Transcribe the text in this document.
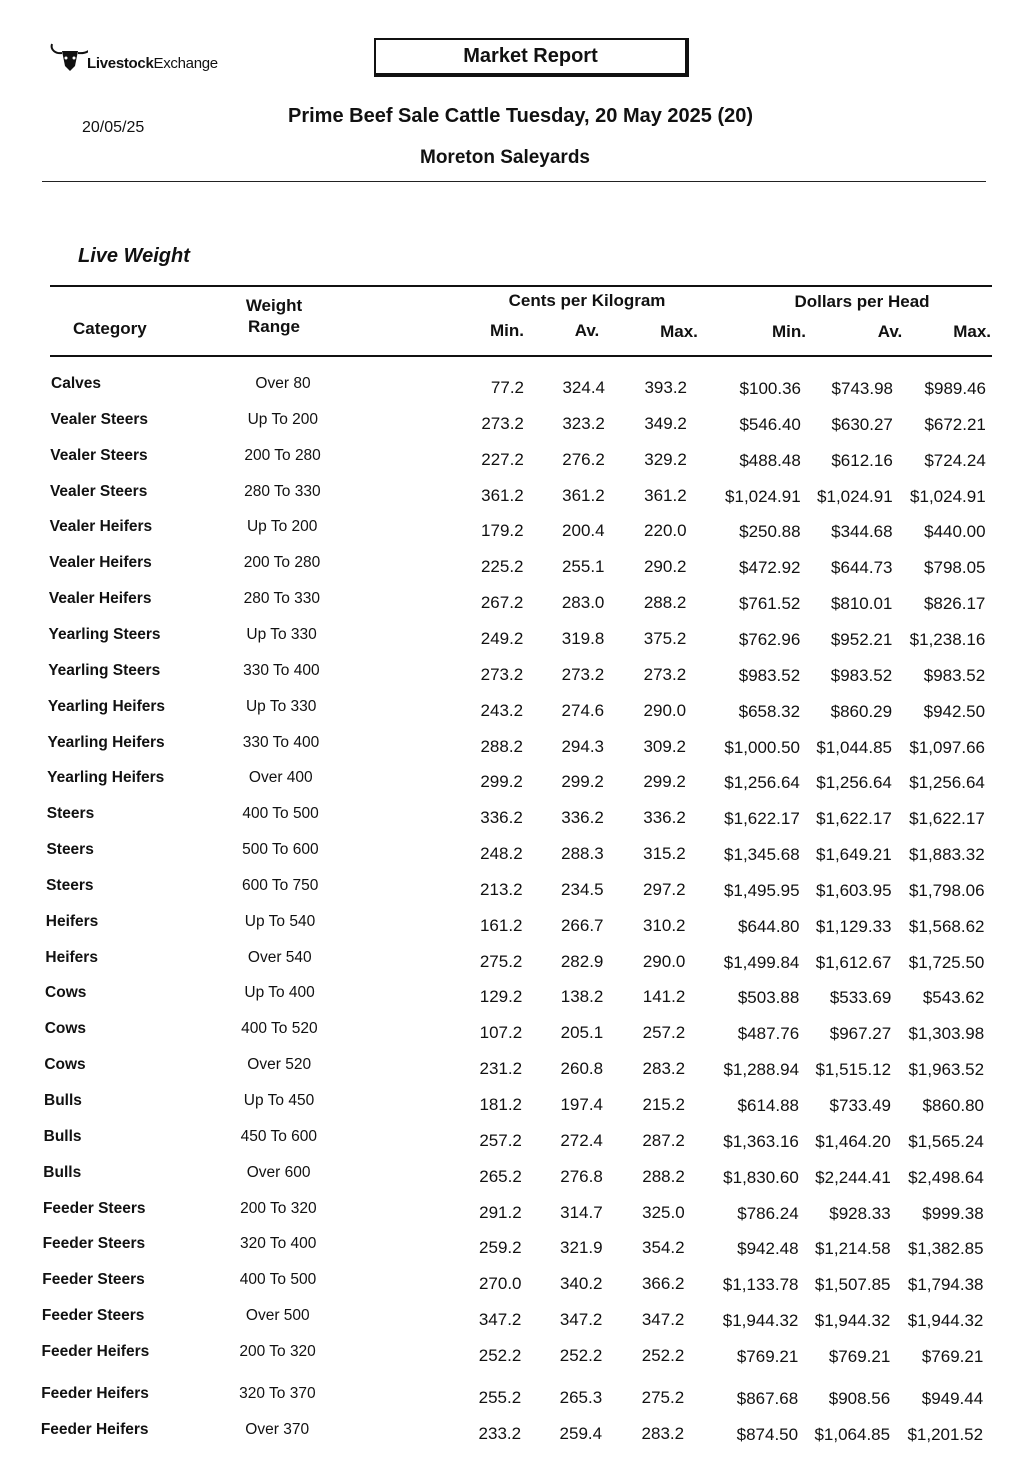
LivestockExchange	Market Report
20/05/25
Prime Beef Sale Cattle Tuesday, 20 May 2025 (20)
Moreton Saleyards
Live Weight
Category
Weight
Range
Cents per Kilogram	Dollars per Head
Min.	Av.	Max.	Min.	Av.	Max.
Calves	Over 80	77.2 324.4 393.2	$100.36 $743.98 $989.46
Vealer Steers	Up To 200	273.2 323.2 349.2	$546.40 $630.27 $672.21
Vealer Steers	200 To 280	227.2 276.2 329.2	$488.48 $612.16 $724.24
Vealer Steers	280 To 330	361.2 361.2 361.2 $1,024.91 $1,024.91 $1,024.91
Vealer Heifers	Up To 200	179.2 200.4 220.0	$250.88 $344.68 $440.00
Vealer Heifers	200 To 280	225.2 255.1 290.2	$472.92 $644.73 $798.05
Vealer Heifers	280 To 330	267.2 283.0 288.2	$761.52 $810.01 $826.17
Yearling Steers	Up To 330	249.2 319.8 375.2	$762.96 $952.21 $1,238.16
Yearling Steers	330 To 400	273.2 273.2 273.2	$983.52 $983.52 $983.52
Yearling Heifers	Up To 330	243.2 274.6 290.0	$658.32 $860.29 $942.50
Yearling Heifers	330 To 400	288.2 294.3 309.2 $1,000.50 $1,044.85 $1,097.66
Yearling Heifers	Over 400	299.2 299.2 299.2 $1,256.64 $1,256.64 $1,256.64
Steers	400 To 500	336.2 336.2 336.2 $1,622.17 $1,622.17 $1,622.17
Steers	500 To 600	248.2 288.3 315.2 $1,345.68 $1,649.21 $1,883.32
Steers	600 To 750	213.2 234.5 297.2 $1,495.95 $1,603.95 $1,798.06
Heifers	Up To 540	161.2 266.7 310.2	$644.80 $1,129.33 $1,568.62
Heifers	Over 540	275.2 282.9 290.0 $1,499.84 $1,612.67 $1,725.50
Cows	Up To 400	129.2 138.2 141.2	$503.88 $533.69 $543.62
Cows	400 To 520	107.2 205.1 257.2	$487.76 $967.27 $1,303.98
Cows	Over 520	231.2 260.8 283.2 $1,288.94 $1,515.12 $1,963.52
Bulls	Up To 450	181.2 197.4 215.2	$614.88 $733.49 $860.80
Bulls	450 To 600	257.2 272.4 287.2 $1,363.16 $1,464.20 $1,565.24
Bulls	Over 600	265.2 276.8 288.2 $1,830.60 $2,244.41 $2,498.64
Feeder Steers	200 To 320	291.2 314.7 325.0	$786.24 $928.33 $999.38
Feeder Steers	320 To 400	259.2 321.9 354.2	$942.48 $1,214.58 $1,382.85
Feeder Steers	400 To 500	270.0 340.2 366.2 $1,133.78 $1,507.85 $1,794.38
Feeder Steers	Over 500	347.2 347.2 347.2 $1,944.32 $1,944.32 $1,944.32
Feeder Heifers	200 To 320	252.2 252.2 252.2	$769.21 $769.21 $769.21
Feeder Heifers	320 To 370	255.2 265.3 275.2	$867.68 $908.56 $949.44
Feeder Heifers	Over 370	233.2 259.4 283.2	$874.50 $1,064.85 $1,201.52
